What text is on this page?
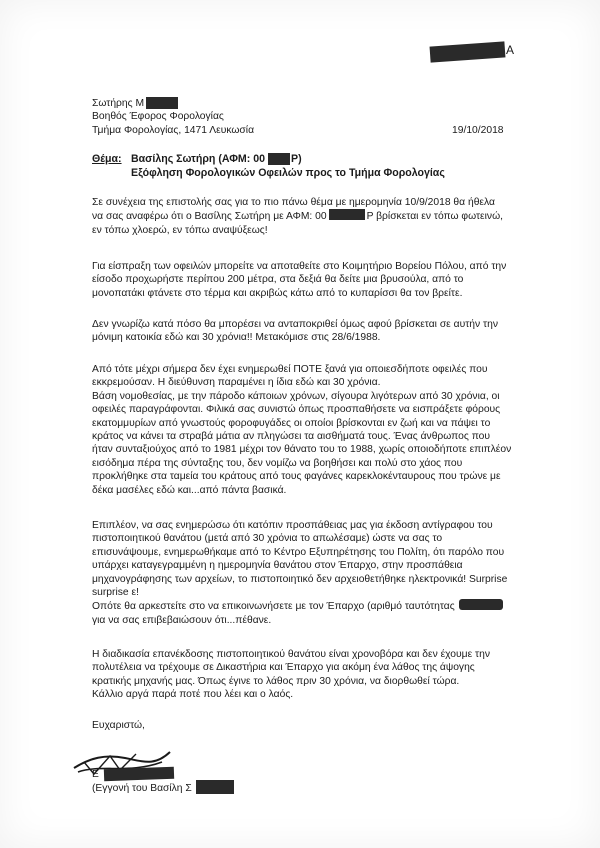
Α
Σωτήρης Μ
Βοηθός Έφορος Φορολογίας
Τμήμα Φορολογίας, 1471 Λευκωσία	19/10/2018
Θέμα: Βασίλης Σωτήρη (ΑΦΜ: 00 Ρ)
Εξόφληση Φορολογικών Οφειλών προς το Τμήμα Φορολογίας
Σε συνέχεια της επιστολής σας για το πιο πάνω θέμα με ημερομηνία 10/9/2018 θα ήθελα
να σας αναφέρω ότι ο Βασίλης Σωτήρη με ΑΦΜ: 00	Ρ βρίσκεται εν τόπω φωτεινώ,
εν τόπω χλοερώ, εν τόπω αναψύξεως!
Για είσπραξη των οφειλών μπορείτε να αποταθείτε στο Κοιμητήριο Βορείου Πόλου, από την
είσοδο προχωρήστε περίπου 200 μέτρα, στα δεξιά θα δείτε μια βρυσούλα, από το
μονοπατάκι φτάνετε στο τέρμα και ακριβώς κάτω από το κυπαρίσσι θα τον βρείτε.
Δεν γνωρίζω κατά πόσο θα μπορέσει να ανταποκριθεί όμως αφού βρίσκεται σε αυτήν την
μόνιμη κατοικία εδώ και 30 χρόνια!! Μετακόμισε στις 28/6/1988.
Από τότε μέχρι σήμερα δεν έχει ενημερωθεί ΠΟΤΕ ξανά για οποιεσδήποτε οφειλές που
εκκρεμούσαν. Η διεύθυνση παραμένει η ίδια εδώ και 30 χρόνια.
Βάση νομοθεσίας, με την πάροδο κάποιων χρόνων, σίγουρα λιγότερων από 30 χρόνια, οι
οφειλές παραγράφονται. Φιλικά σας συνιστώ όπως προσπαθήσετε να εισπράξετε φόρους
εκατομμυρίων από γνωστούς φοροφυγάδες οι οποίοι βρίσκονται εν ζωή και να πάψει το
κράτος να κάνει τα στραβά μάτια αν πληγώσει τα αισθήματά τους. Ένας άνθρωπος που
ήταν συνταξιούχος από το 1981 μέχρι τον θάνατο του το 1988, χωρίς οποιοδήποτε επιπλέον
εισόδημα πέρα της σύνταξης του, δεν νομίζω να βοηθήσει και πολύ στο χάος που
προκλήθηκε στα ταμεία του κράτους από τους φαγάνες καρεκλοκένταυρους που τρώνε με
δέκα μασέλες εδώ και...από πάντα βασικά.
Επιπλέον, να σας ενημερώσω ότι κατόπιν προσπάθειας μας για έκδοση αντίγραφου του
πιστοποιητικού θανάτου (μετά από 30 χρόνια το απωλέσαμε) ώστε να σας το
επισυνάψουμε, ενημερωθήκαμε από το Κέντρο Εξυπηρέτησης του Πολίτη, ότι παρόλο που
υπάρχει καταγεγραμμένη η ημερομηνία θανάτου στον Έπαρχο, στην προσπάθεια
μηχανογράφησης των αρχείων, το πιστοποιητικό δεν αρχειοθετήθηκε ηλεκτρονικά! Surprise
surprise ε!
Οπότε θα αρκεστείτε στο να επικοινωνήσετε με τον Έπαρχο (αριθμό ταυτότητας
για να σας επιβεβαιώσουν ότι...πέθανε.
Η διαδικασία επανέκδοσης πιστοποιητικού θανάτου είναι χρονοβόρα και δεν έχουμε την
πολυτέλεια να τρέχουμε σε Δικαστήρια και Έπαρχο για ακόμη ένα λάθος της άψογης
κρατικής μηχανής μας. Όπως έγινε το λάθος πριν 30 χρόνια, να διορθωθεί τώρα.
Κάλλιο αργά παρά ποτέ που λέει και ο λαός.
Ευχαριστώ,
Ε
(Εγγονή του Βασίλη Σ
